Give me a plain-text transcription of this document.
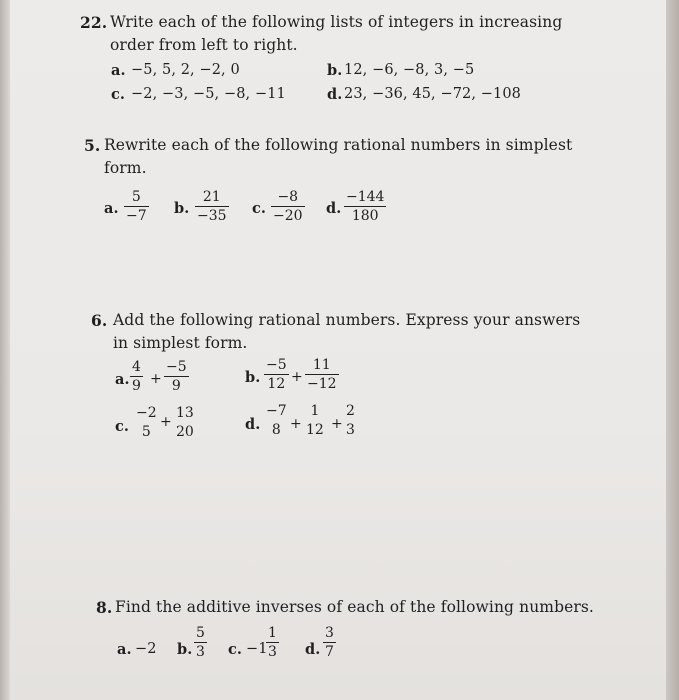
22. Write each of the following lists of integers in increasing
order from left to right.
a. −5, 5, 2, −2, 0	b. 12, −6, −8, 3, −5
c. −2, −3, −5, −8, −11	d. 23, −36, 45, −72, −108
5. Rewrite each of the following rational numbers in simplest
form.
a.
5
−7 b.
21
−35 c.
−8
−20 d.
−144
180
6. Add the following rational numbers. Express your answers
in simplest form.
a.
4
9 +
−5
9	b.
−5
12 +
11
−12
c.
−2
5
+
13
20	d.
−7
8 +
1
12 +
2
3
8. Find the additive inverses of each of the following numbers.
a. −2 b.
5
3 c. −1
1
3 d.
3
7
